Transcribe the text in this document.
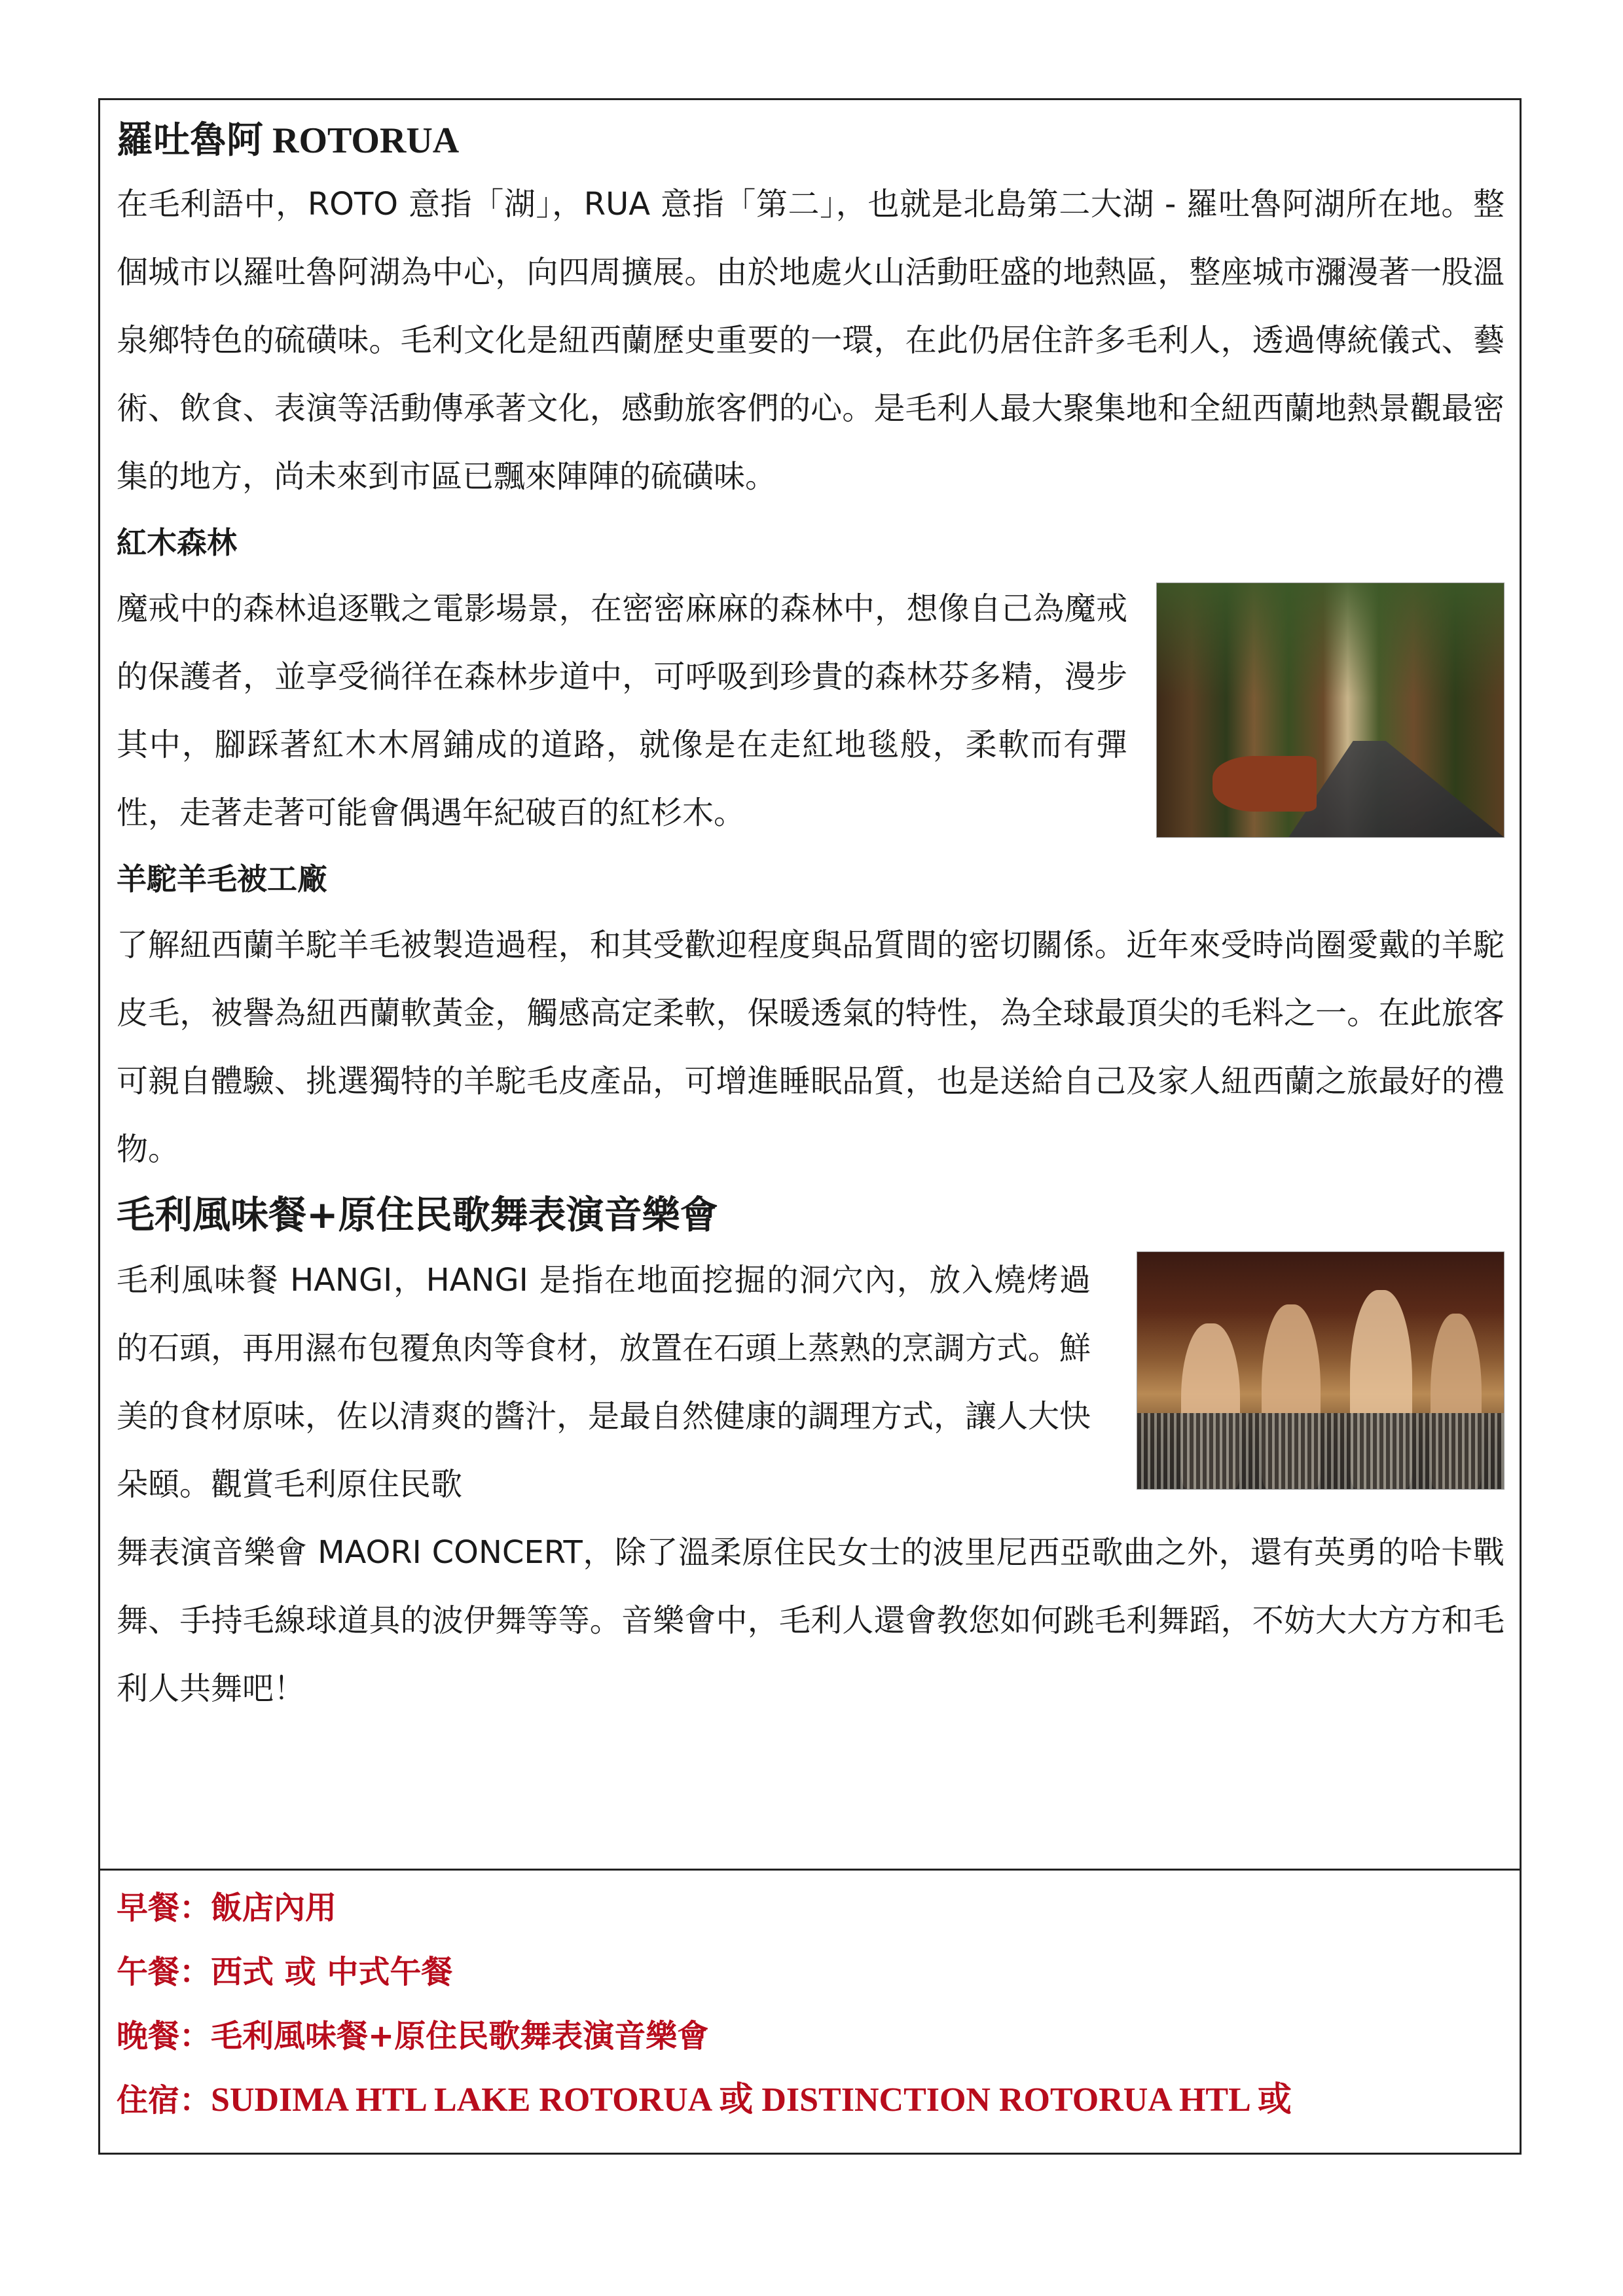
羅吐魯阿 ROTORUA
在毛利語中，ROTO 意指「湖」，RUA 意指「第二」，也就是北島第二大湖 - 羅吐魯阿湖所在地。整個城市以羅吐魯阿湖為中心，向四周擴展。由於地處火山活動旺盛的地熱區，整座城市瀰漫著一股溫泉鄉特色的硫磺味。毛利文化是紐西蘭歷史重要的一環，在此仍居住許多毛利人，透過傳統儀式、藝術、飲食、表演等活動傳承著文化，感動旅客們的心。是毛利人最大聚集地和全紐西蘭地熱景觀最密集的地方，尚未來到市區已飄來陣陣的硫磺味。
紅木森林
魔戒中的森林追逐戰之電影場景，在密密麻麻的森林中，想像自己為魔戒的保護者，並享受徜徉在森林步道中，可呼吸到珍貴的森林芬多精，漫步其中，腳踩著紅木木屑鋪成的道路，就像是在走紅地毯般，柔軟而有彈性，走著走著可能會偶遇年紀破百的紅杉木。
羊駝羊毛被工廠
了解紐西蘭羊駝羊毛被製造過程，和其受歡迎程度與品質間的密切關係。近年來受時尚圈愛戴的羊駝皮毛，被譽為紐西蘭軟黃金，觸感高定柔軟，保暖透氣的特性，為全球最頂尖的毛料之一。在此旅客可親自體驗、挑選獨特的羊駝毛皮產品，可增進睡眠品質，也是送給自己及家人紐西蘭之旅最好的禮物。
毛利風味餐+原住民歌舞表演音樂會
毛利風味餐 HANGI，HANGI 是指在地面挖掘的洞穴內，放入燒烤過的石頭，再用濕布包覆魚肉等食材，放置在石頭上蒸熟的烹調方式。鮮美的食材原味，佐以清爽的醬汁，是最自然健康的調理方式，讓人大快朵頤。觀賞毛利原住民歌
舞表演音樂會 MAORI CONCERT，除了溫柔原住民女士的波里尼西亞歌曲之外，還有英勇的哈卡戰舞、手持毛線球道具的波伊舞等等。音樂會中，毛利人還會教您如何跳毛利舞蹈，不妨大大方方和毛利人共舞吧！
早餐：飯店內用
午餐：西式 或 中式午餐
晚餐：毛利風味餐+原住民歌舞表演音樂會
住宿：SUDIMA HTL LAKE ROTORUA 或 DISTINCTION ROTORUA HTL 或
